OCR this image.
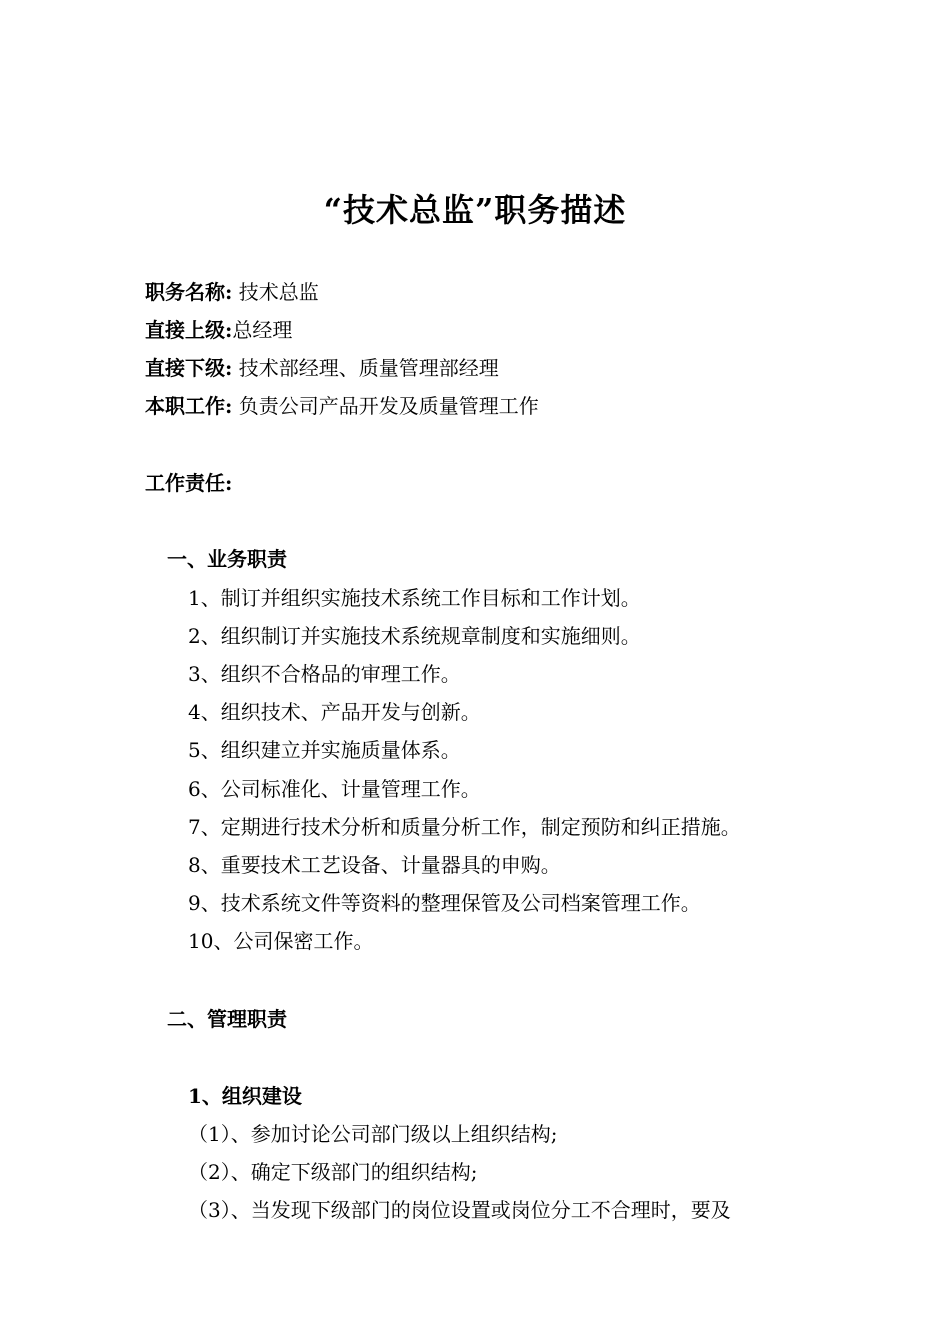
“技术总监”职务描述
职务名称: 技术总监
直接上级:总经理
直接下级: 技术部经理、质量管理部经理
本职工作: 负责公司产品开发及质量管理工作
工作责任:
一、业务职责
1、制订并组织实施技术系统工作目标和工作计划。
2、组织制订并实施技术系统规章制度和实施细则。
3、组织不合格品的审理工作。
4、组织技术、产品开发与创新。
5、组织建立并实施质量体系。
6、公司标准化、计量管理工作。
7、定期进行技术分析和质量分析工作，制定预防和纠正措施。
8、重要技术工艺设备、计量器具的申购。
9、技术系统文件等资料的整理保管及公司档案管理工作。
10、公司保密工作。
二、管理职责
1、组织建设
（1）、参加讨论公司部门级以上组织结构;
（2）、确定下级部门的组织结构;
（3）、当发现下级部门的岗位设置或岗位分工不合理时，要及
